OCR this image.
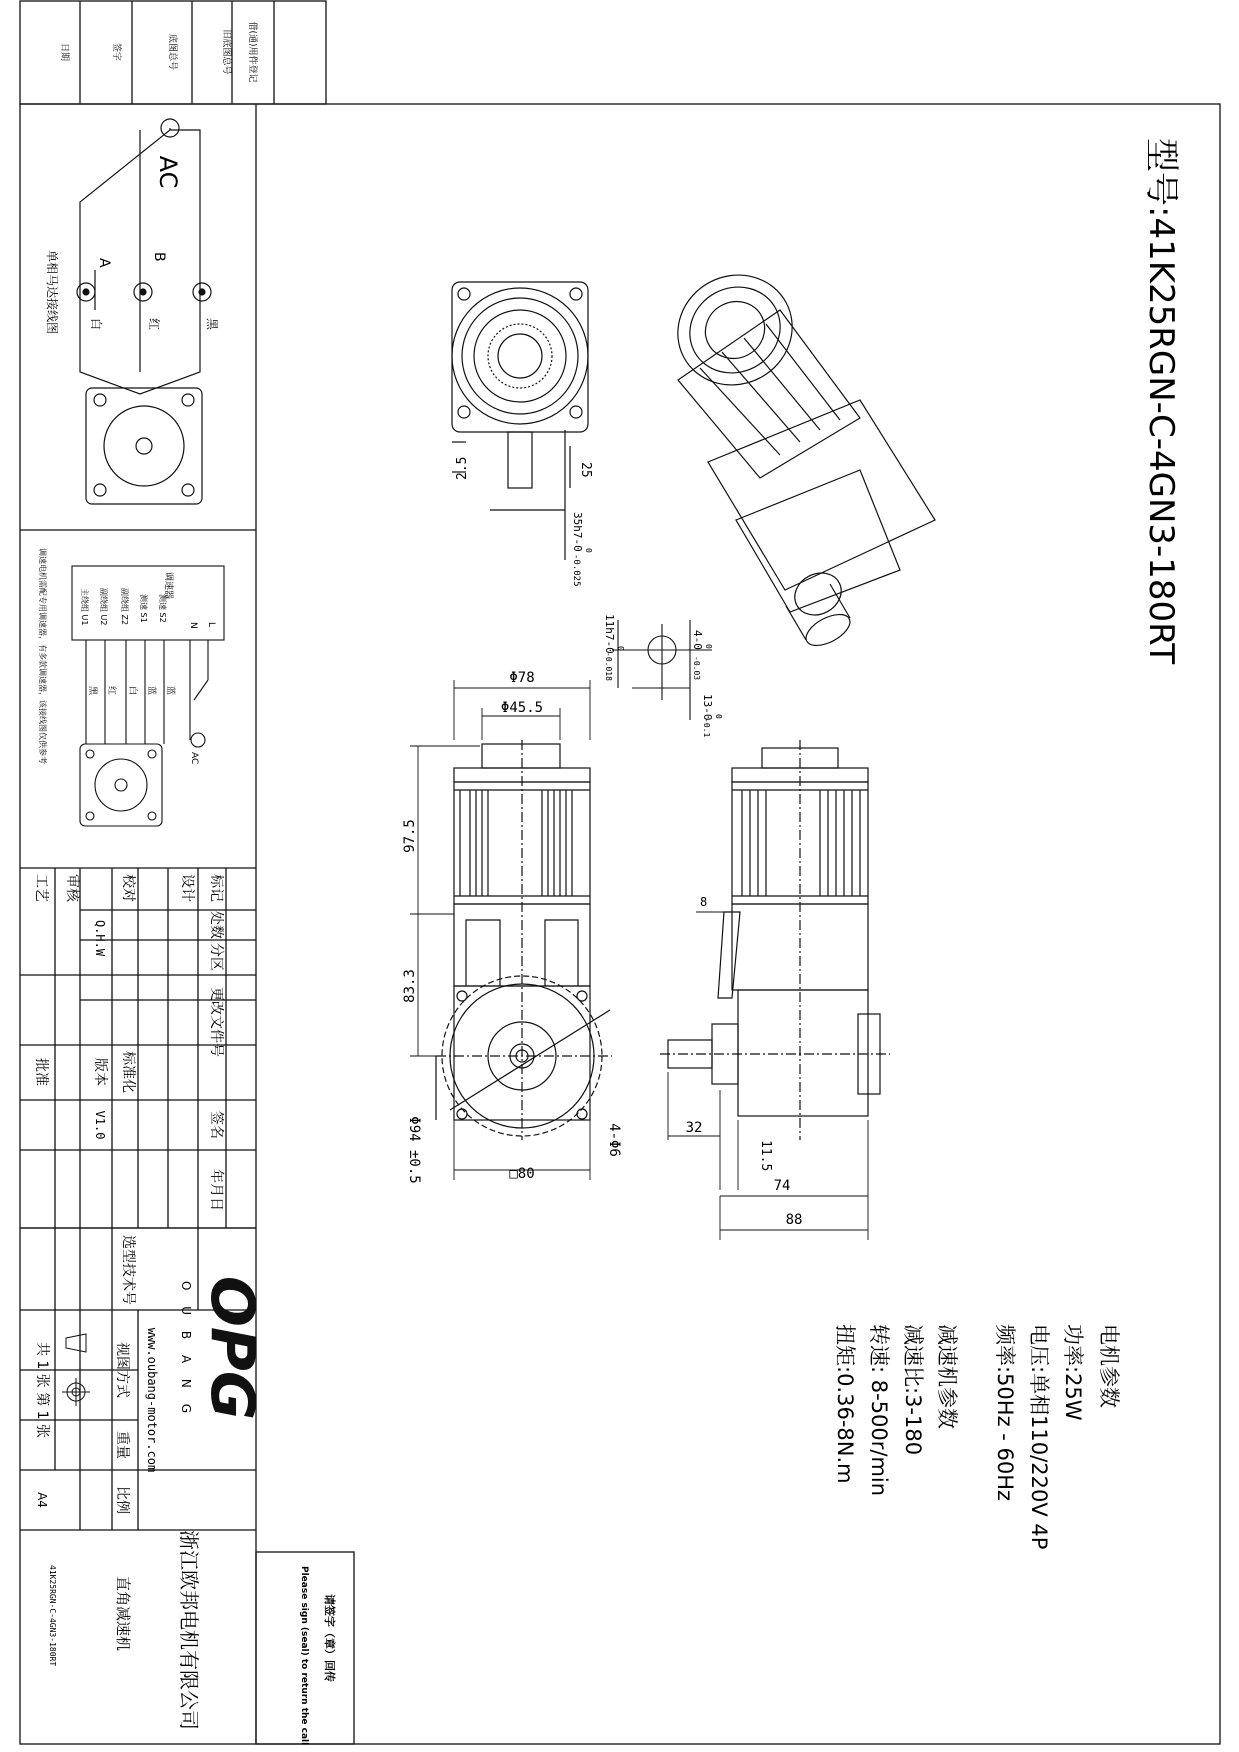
日期	签字	底图总号	旧底图总号 借(通)用件登记
AC
A
B
白	红	黑
单相马达接线图
调速器
L
N
测速 S2
测速 S1
副绕组 Z2
副绕组 U2
主绕组 U1
蓝
蓝
白
红
黑
AC
调速电机需配专用调速器，有多款调速器，该接线图仅供参考
标记
处数
分区
更改文件号
签名
年月日
设计
校对
Q.H.W
审核
工艺
标准化
版本
V1.0
批准
选型技术号
视图方式
重量
比例
共 1 张 第 1 张
A4
OPG
O U B A N G
www.oubang-motor.com
浙江欧邦电机有限公司
直角减速机
41K25RGN-C-4GN3-180RT	请签字（章）回传
Please sign (seal) to return the call
型号:41K25RGN-C-4GN3-180RT
电机参数
功率:25W
电压:单相110/220V 4P
频率:50Hz - 60Hz
减速机参数
减速比:3-180
转速: 8-500r/min
扭矩:0.36-8N.m
2.5	25
35h7-0 0
-0.025
11h7-0 0
-0.018
4-0 0
-0.03
13-0 0
-0.1
Φ78
Φ45.5
97.5
83.3
Φ94 ±0.5	□80
4-Φ6	32
11.5
74
88
8
